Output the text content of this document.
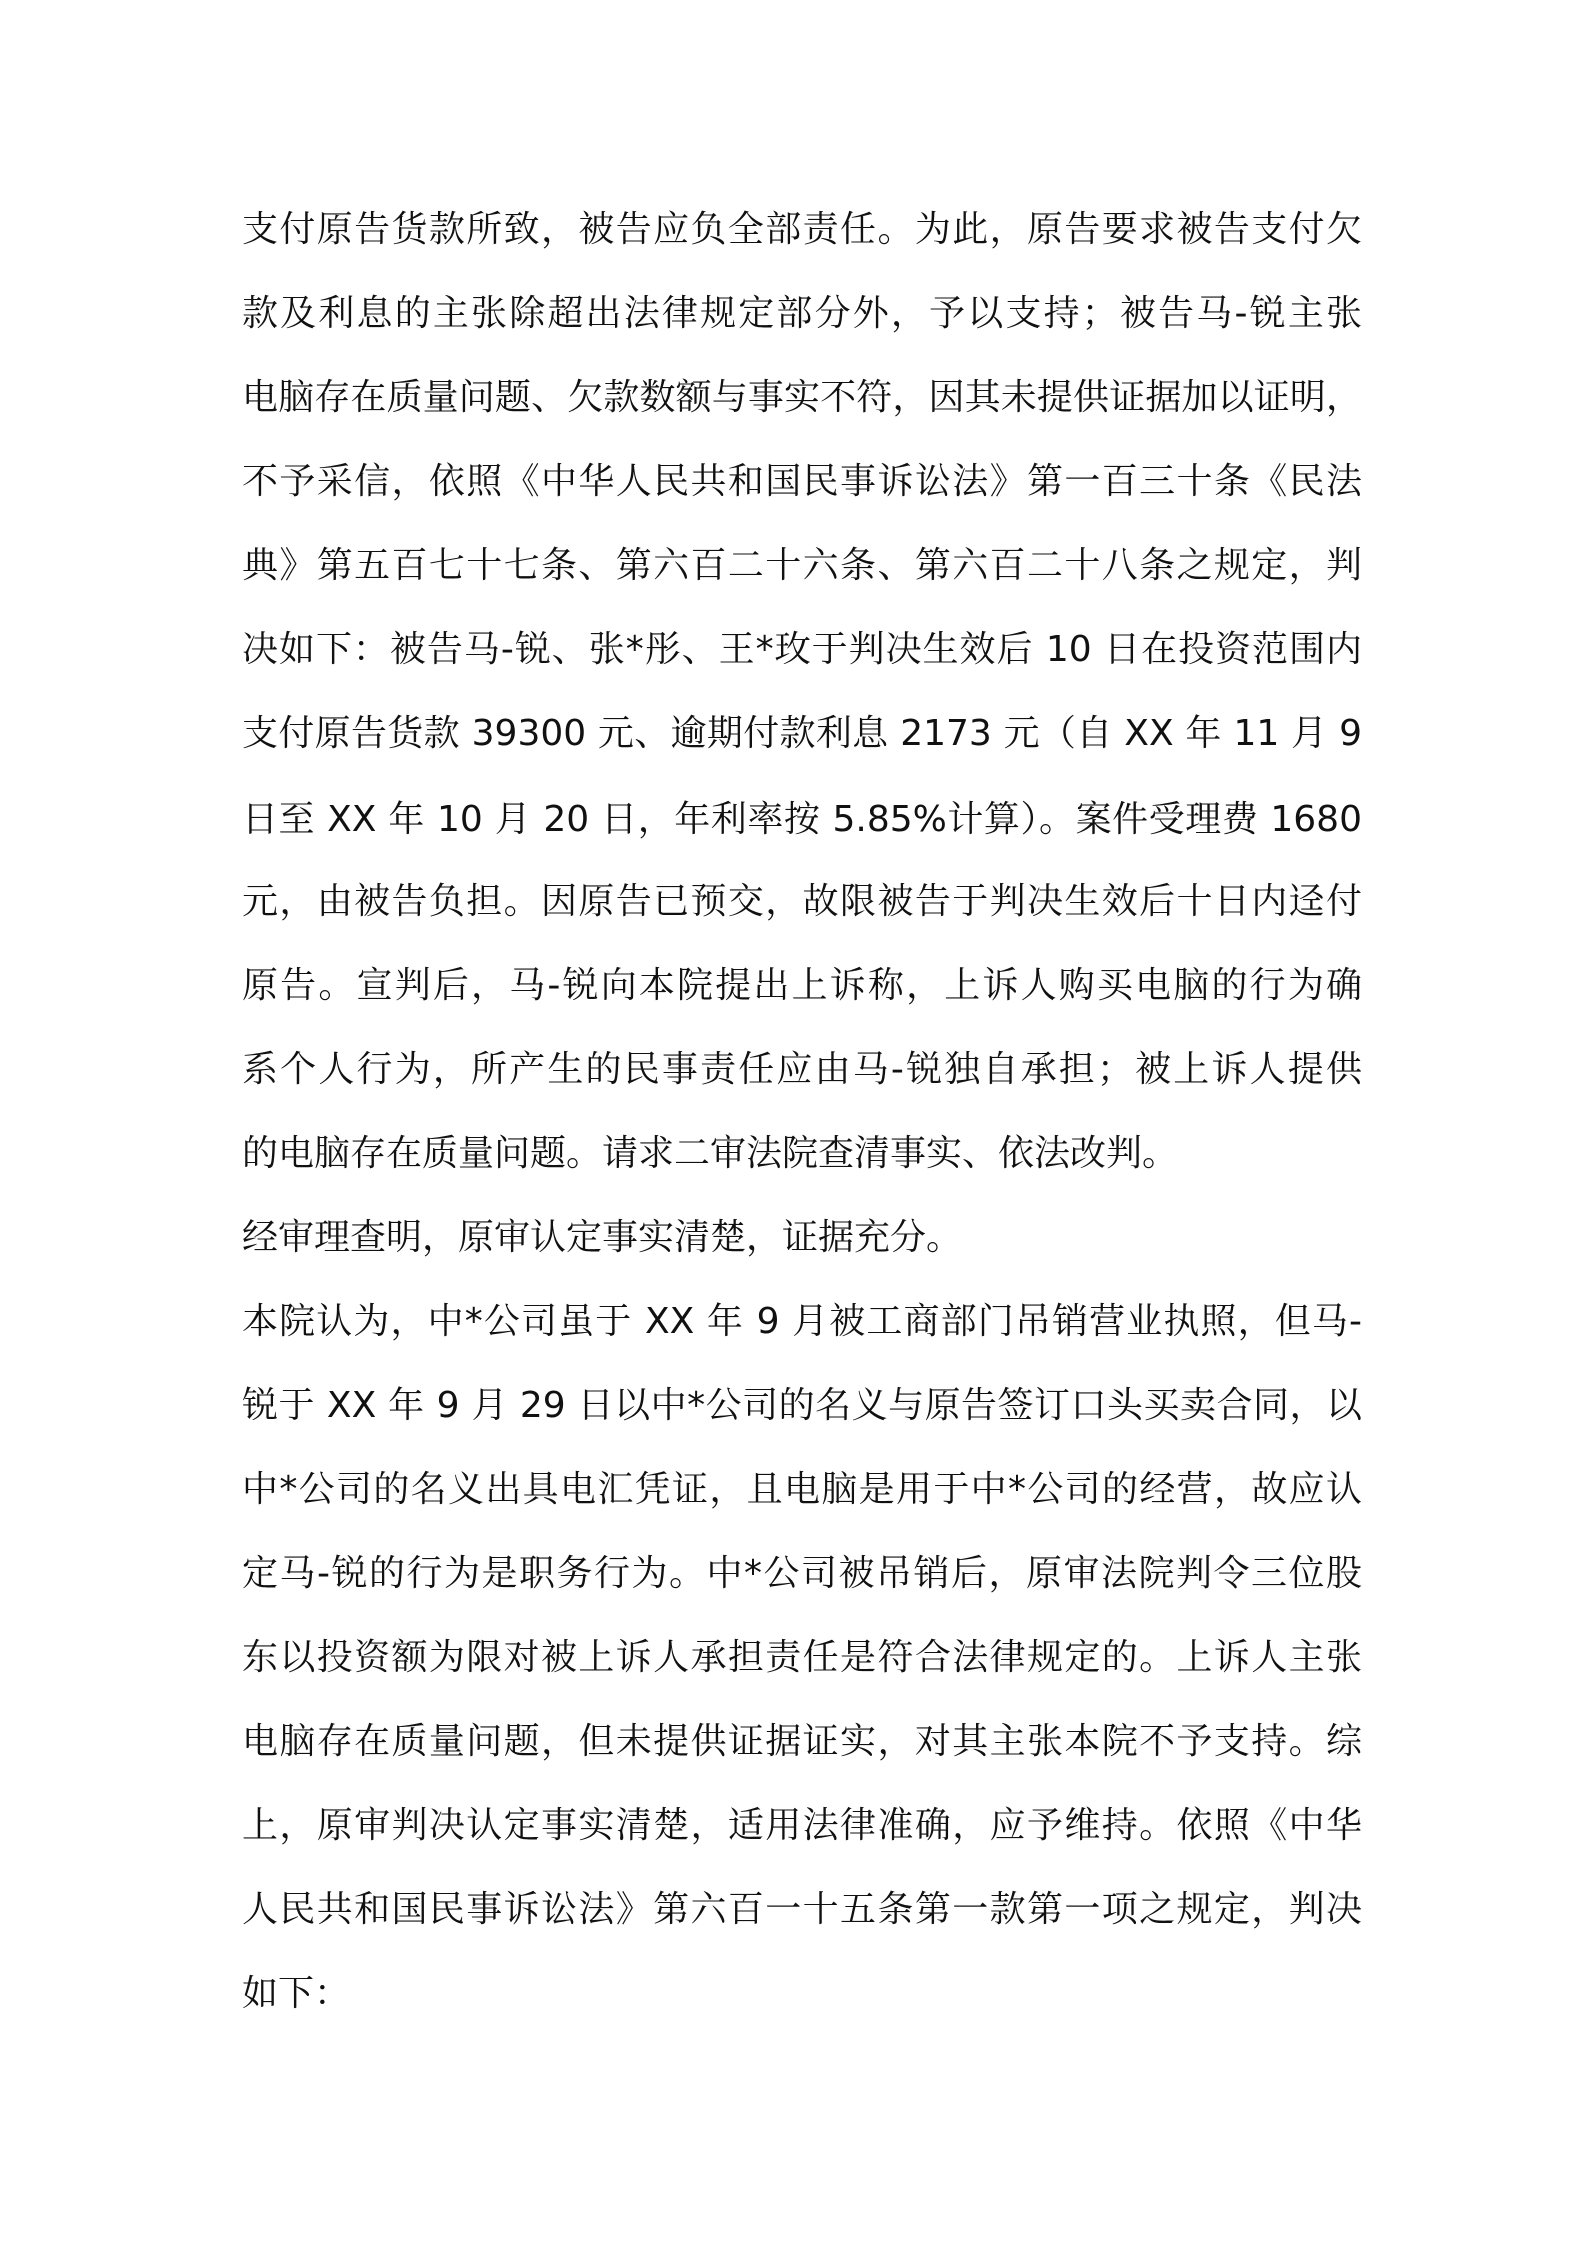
支付原告货款所致，被告应负全部责任。为此，原告要求被告支付欠
款及利息的主张除超出法律规定部分外，予以支持；被告马-锐主张
电脑存在质量问题、欠款数额与事实不符，因其未提供证据加以证明，
不予采信，依照《中华人民共和国民事诉讼法》第一百三十条《民法
典》第五百七十七条、第六百二十六条、第六百二十八条之规定，判
决如下：被告马-锐、张*彤、王*玫于判决生效后 10 日在投资范围内
支付原告货款 39300 元、逾期付款利息 2173 元（自 XX 年 11 月 9
日至 XX 年 10 月 20 日，年利率按 5.85%计算）。案件受理费 1680
元，由被告负担。因原告已预交，故限被告于判决生效后十日内迳付
原告。宣判后，马-锐向本院提出上诉称，上诉人购买电脑的行为确
系个人行为，所产生的民事责任应由马-锐独自承担；被上诉人提供
的电脑存在质量问题。请求二审法院查清事实、依法改判。
经审理查明，原审认定事实清楚，证据充分。
本院认为，中*公司虽于 XX 年 9 月被工商部门吊销营业执照，但马-
锐于 XX 年 9 月 29 日以中*公司的名义与原告签订口头买卖合同，以
中*公司的名义出具电汇凭证，且电脑是用于中*公司的经营，故应认
定马-锐的行为是职务行为。中*公司被吊销后，原审法院判令三位股
东以投资额为限对被上诉人承担责任是符合法律规定的。上诉人主张
电脑存在质量问题，但未提供证据证实，对其主张本院不予支持。综
上，原审判决认定事实清楚，适用法律准确，应予维持。依照《中华
人民共和国民事诉讼法》第六百一十五条第一款第一项之规定，判决
如下：
